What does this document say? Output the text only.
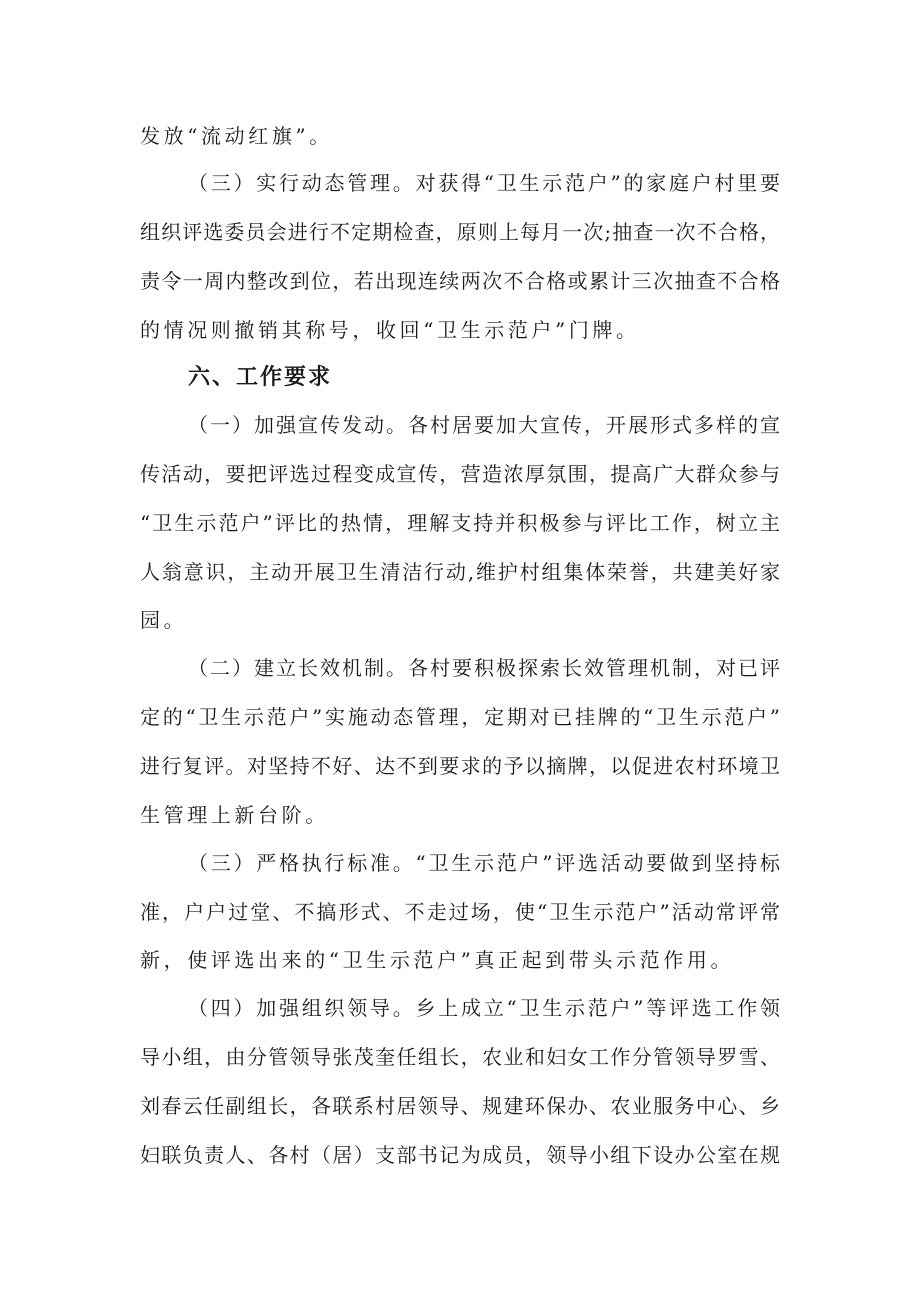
发放“流动红旗”。
（三）实行动态管理。对获得“卫生示范户”的家庭户村里要
组织评选委员会进行不定期检查，原则上每月一次;抽查一次不合格，
责令一周内整改到位，若出现连续两次不合格或累计三次抽查不合格
的情况则撤销其称号，收回“卫生示范户”门牌。
六、工作要求
（一）加强宣传发动。各村居要加大宣传，开展形式多样的宣
传活动，要把评选过程变成宣传，营造浓厚氛围，提高广大群众参与
“卫生示范户”评比的热情，理解支持并积极参与评比工作，树立主
人翁意识，主动开展卫生清洁行动,维护村组集体荣誉，共建美好家
园。
（二）建立长效机制。各村要积极探索长效管理机制，对已评
定的“卫生示范户”实施动态管理，定期对已挂牌的“卫生示范户”
进行复评。对坚持不好、达不到要求的予以摘牌，以促进农村环境卫
生管理上新台阶。
（三）严格执行标准。“卫生示范户”评选活动要做到坚持标
准，户户过堂、不搞形式、不走过场，使“卫生示范户”活动常评常
新，使评选出来的“卫生示范户”真正起到带头示范作用。
（四）加强组织领导。乡上成立“卫生示范户”等评选工作领
导小组，由分管领导张茂奎任组长，农业和妇女工作分管领导罗雪、
刘春云任副组长，各联系村居领导、规建环保办、农业服务中心、乡
妇联负责人、各村（居）支部书记为成员，领导小组下设办公室在规
